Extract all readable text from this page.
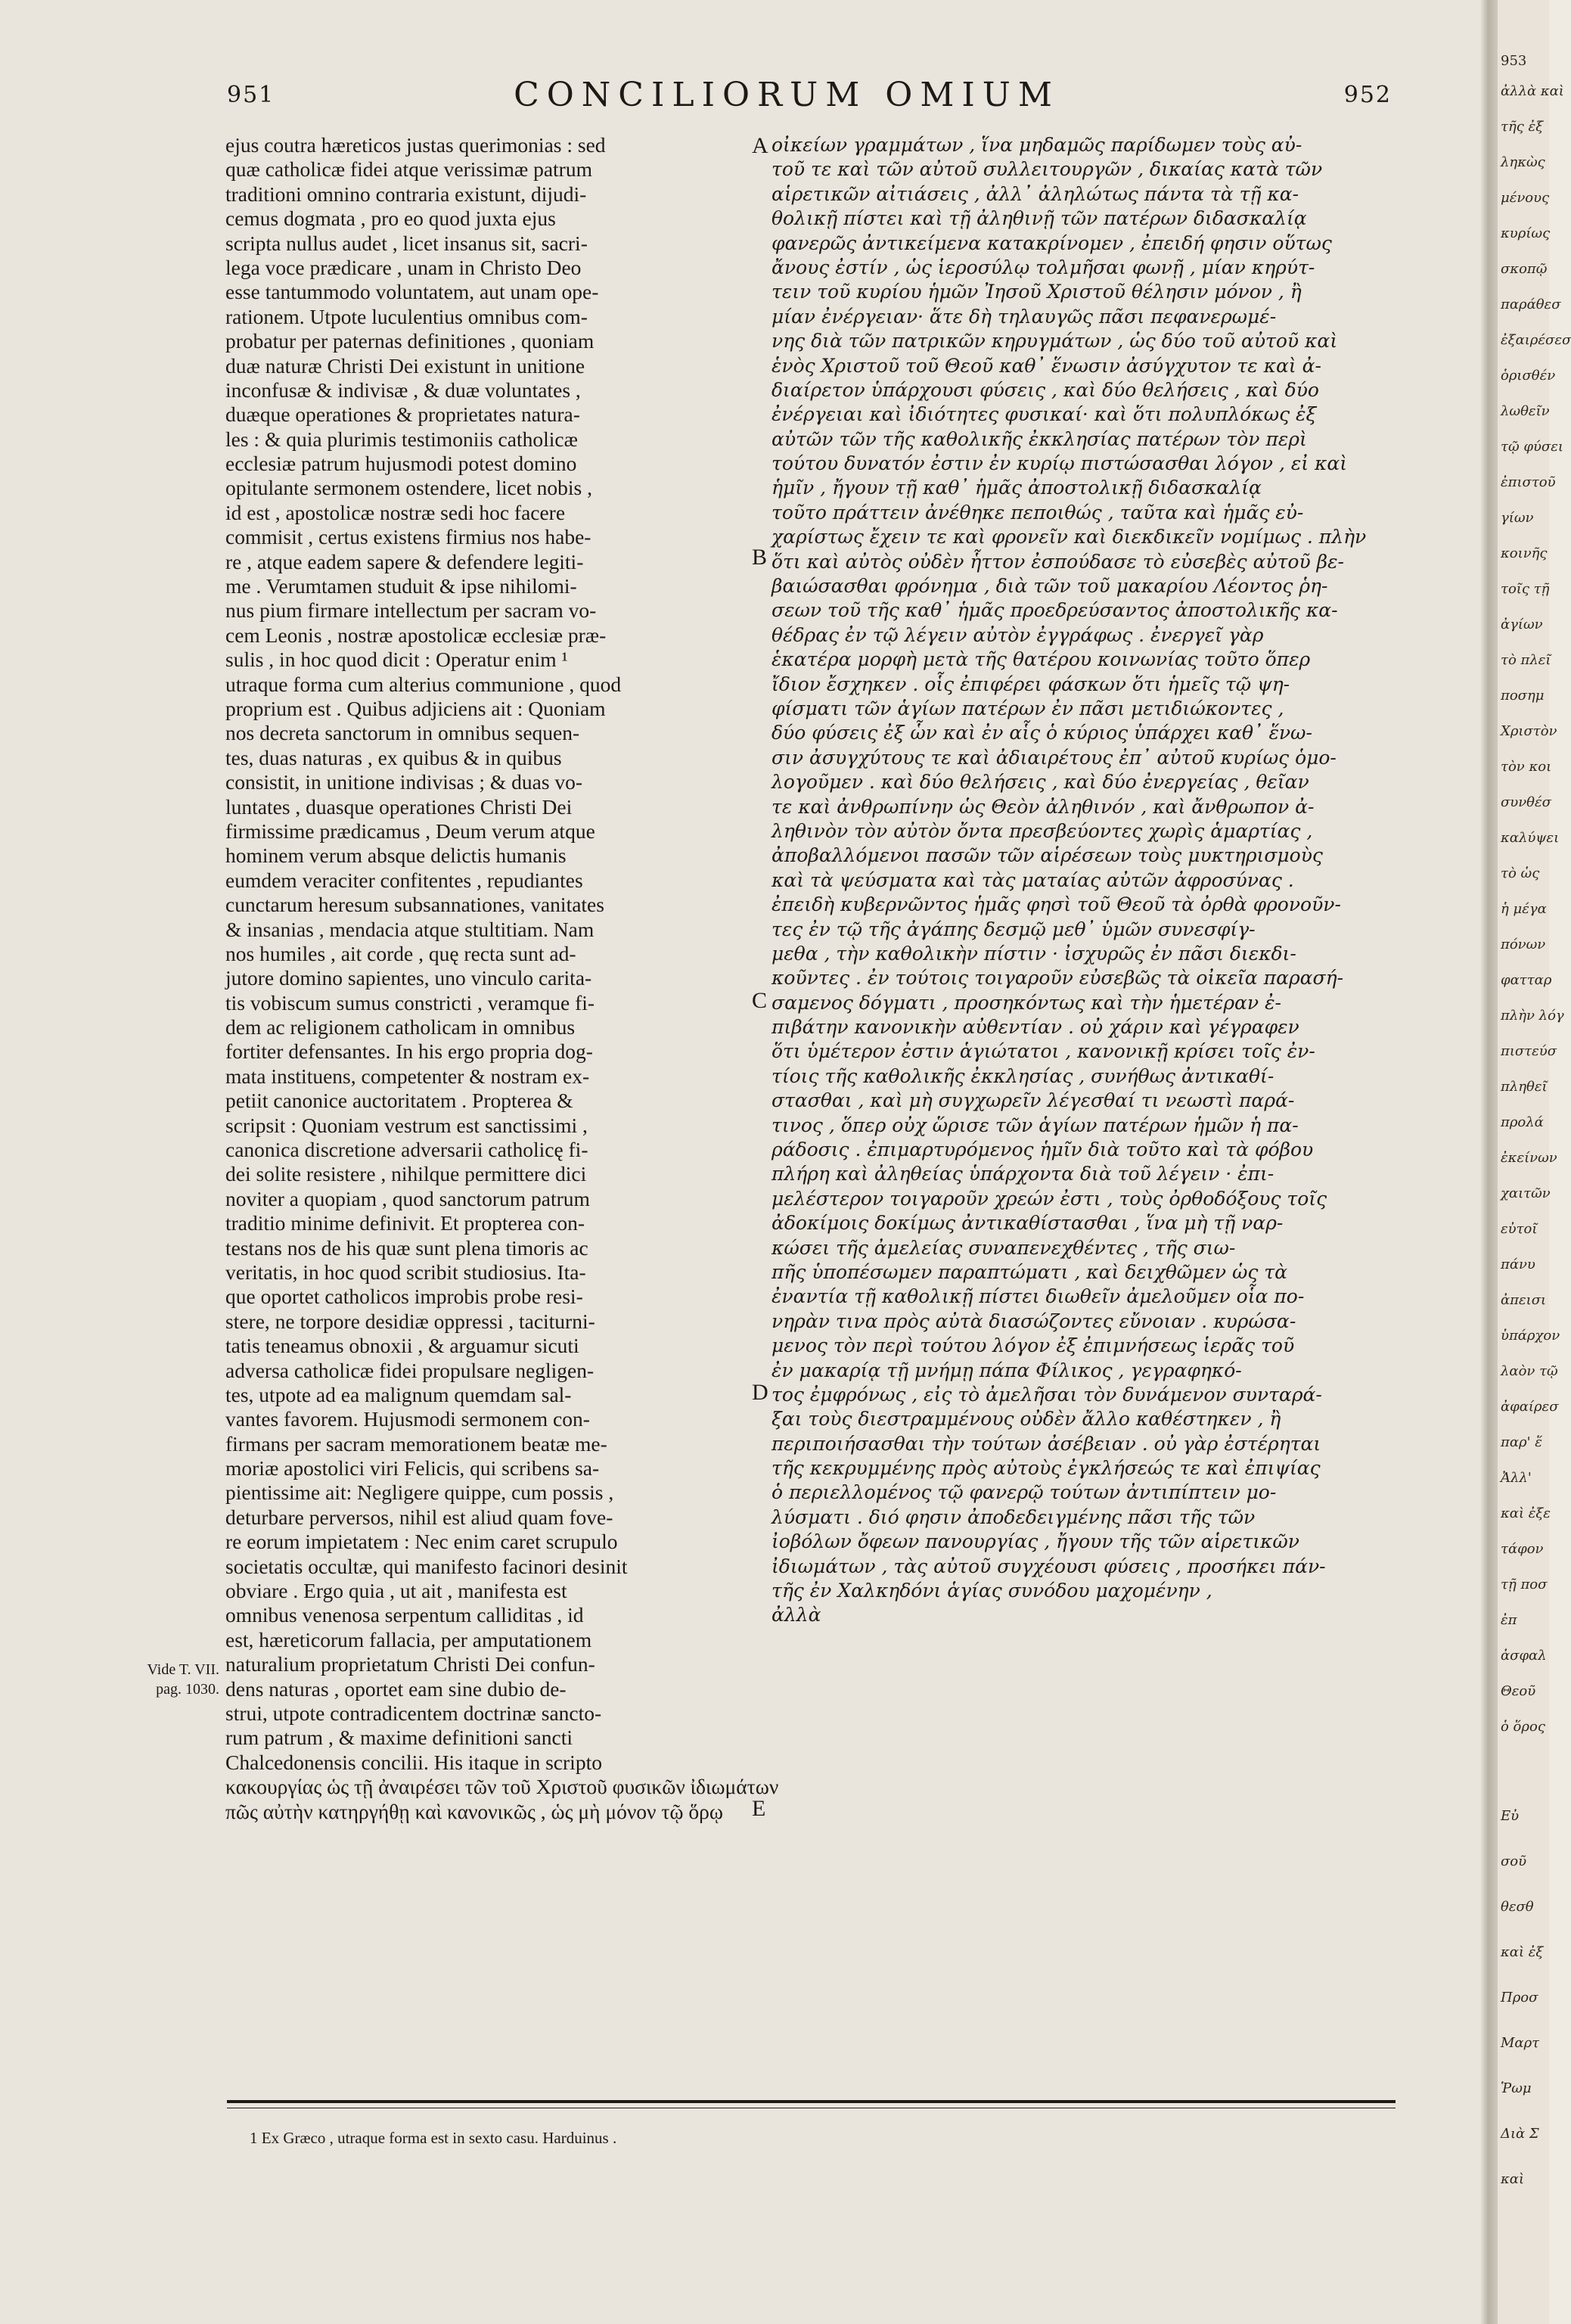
951	CONCILIORUM OMIUM	952
ejus coutra hæreticos justas querimonias : sed
quæ catholicæ fidei atque verissimæ patrum
traditioni omnino contraria existunt, dijudi-
cemus dogmata , pro eo quod juxta ejus
scripta nullus audet , licet insanus sit, sacri-
lega voce prædicare , unam in Christo Deo
esse tantummodo voluntatem, aut unam ope-
rationem. Utpote luculentius omnibus com-
probatur per paternas definitiones , quoniam
duæ naturæ Christi Dei existunt in unitione
inconfusæ & indivisæ , & duæ voluntates ,
duæque operationes & proprietates natura-
les : & quia plurimis testimoniis catholicæ
ecclesiæ patrum hujusmodi potest domino
opitulante sermonem ostendere, licet nobis ,
id est , apostolicæ nostræ sedi hoc facere
commisit , certus existens firmius nos habe-
re , atque eadem sapere & defendere legiti-
me . Verumtamen studuit & ipse nihilomi-
nus pium firmare intellectum per sacram vo-
cem Leonis , nostræ apostolicæ ecclesiæ præ-
sulis , in hoc quod dicit : Operatur enim ¹
utraque forma cum alterius communione , quod
proprium est . Quibus adjiciens ait : Quoniam
nos decreta sanctorum in omnibus sequen-
tes, duas naturas , ex quibus & in quibus
consistit, in unitione indivisas ; & duas vo-
luntates , duasque operationes Christi Dei
firmissime prædicamus , Deum verum atque
hominem verum absque delictis humanis
eumdem veraciter confitentes , repudiantes
cunctarum heresum subsannationes, vanitates
& insanias , mendacia atque stultitiam. Nam
nos humiles , ait corde , quę recta sunt ad-
jutore domino sapientes, uno vinculo carita-
tis vobiscum sumus constricti , veramque fi-
dem ac religionem catholicam in omnibus
fortiter defensantes. In his ergo propria dog-
mata instituens, competenter & nostram ex-
petiit canonice auctoritatem . Propterea &
scripsit : Quoniam vestrum est sanctissimi ,
canonica discretione adversarii catholicę fi-
dei solite resistere , nihilque permittere dici
noviter a quopiam , quod sanctorum patrum
traditio minime definivit. Et propterea con-
testans nos de his quæ sunt plena timoris ac
veritatis, in hoc quod scribit studiosius. Ita-
que oportet catholicos improbis probe resi-
stere, ne torpore desidiæ oppressi , taciturni-
tatis teneamus obnoxii , & arguamur sicuti
adversa catholicæ fidei propulsare negligen-
tes, utpote ad ea malignum quemdam sal-
vantes favorem. Hujusmodi sermonem con-
firmans per sacram memorationem beatæ me-
moriæ apostolici viri Felicis, qui scribens sa-
pientissime ait: Negligere quippe, cum possis ,
deturbare perversos, nihil est aliud quam fove-
re eorum impietatem : Nec enim caret scrupulo
societatis occultæ, qui manifesto facinori desinit
obviare . Ergo quia , ut ait , manifesta est
omnibus venenosa serpentum calliditas , id
est, hæreticorum fallacia, per amputationem
naturalium proprietatum Christi Dei confun-
dens naturas , oportet eam sine dubio de-
strui, utpote contradicentem doctrinæ sancto-
rum patrum , & maxime definitioni sancti
Chalcedonensis concilii. His itaque in scripto
κακουργίας ὡς τῇ ἀναιρέσει τῶν τοῦ Χριστοῦ φυσικῶν ἰδιωμάτων
πῶς αὐτὴν κατηργήθῃ καὶ κανονικῶς , ὡς μὴ μόνον τῷ ὅρῳ
οἰκείων γραμμάτων , ἵνα μηδαμῶς παρίδωμεν τοὺς αὐ-
τοῦ τε καὶ τῶν αὐτοῦ συλλειτουργῶν , δικαίας κατὰ τῶν
αἱρετικῶν αἰτιάσεις , ἀλλ᾽ ἀληλώτως πάντα τὰ τῇ κα-
θολικῇ πίστει καὶ τῇ ἀληθινῇ τῶν πατέρων διδασκαλίᾳ
φανερῶς ἀντικείμενα κατακρίνομεν , ἐπειδή φησιν οὕτως
ἄνους ἐστίν , ὡς ἱεροσύλῳ τολμῆσαι φωνῇ , μίαν κηρύτ-
τειν τοῦ κυρίου ἡμῶν Ἰησοῦ Χριστοῦ θέλησιν μόνον , ἢ
μίαν ἐνέργειαν· ἅτε δὴ τηλαυγῶς πᾶσι πεφανερωμέ-
νης διὰ τῶν πατρικῶν κηρυγμάτων , ὡς δύο τοῦ αὐτοῦ καὶ
ἑνὸς Χριστοῦ τοῦ Θεοῦ καθ᾽ ἕνωσιν ἀσύγχυτον τε καὶ ἀ-
διαίρετον ὑπάρχουσι φύσεις , καὶ δύο θελήσεις , καὶ δύο
ἐνέργειαι καὶ ἰδιότητες φυσικαί· καὶ ὅτι πολυπλόκως ἐξ
αὐτῶν τῶν τῆς καθολικῆς ἐκκλησίας πατέρων τὸν περὶ
τούτου δυνατόν ἐστιν ἐν κυρίῳ πιστώσασθαι λόγον , εἰ καὶ
ἡμῖν , ἤγουν τῇ καθ᾽ ἡμᾶς ἀποστολικῇ διδασκαλίᾳ
τοῦτο πράττειν ἀνέθηκε πεποιθώς , ταῦτα καὶ ἡμᾶς εὐ-
χαρίστως ἔχειν τε καὶ φρονεῖν καὶ διεκδικεῖν νομίμως . πλὴν
ὅτι καὶ αὐτὸς οὐδὲν ἧττον ἐσπούδασε τὸ εὐσεβὲς αὐτοῦ βε-
βαιώσασθαι φρόνημα , διὰ τῶν τοῦ μακαρίου Λέοντος ῥη-
σεων τοῦ τῆς καθ᾽ ἡμᾶς προεδρεύσαντος ἀποστολικῆς κα-
θέδρας ἐν τῷ λέγειν αὐτὸν ἐγγράφως . ἐνεργεῖ γὰρ
ἑκατέρα μορφὴ μετὰ τῆς θατέρου κοινωνίας τοῦτο ὅπερ
ἴδιον ἔσχηκεν . οἷς ἐπιφέρει φάσκων ὅτι ἡμεῖς τῷ ψη-
φίσματι τῶν ἁγίων πατέρων ἐν πᾶσι μετιδιώκοντες ,
δύο φύσεις ἐξ ὧν καὶ ἐν αἷς ὁ κύριος ὑπάρχει καθ᾽ ἕνω-
σιν ἀσυγχύτους τε καὶ ἀδιαιρέτους ἐπ᾽ αὐτοῦ κυρίως ὁμο-
λογοῦμεν . καὶ δύο θελήσεις , καὶ δύο ἐνεργείας , θεῖαν
τε καὶ ἀνθρωπίνην ὡς Θεὸν ἀληθινόν , καὶ ἄνθρωπον ἀ-
ληθινὸν τὸν αὐτὸν ὄντα πρεσβεύοντες χωρὶς ἁμαρτίας ,
ἀποβαλλόμενοι πασῶν τῶν αἱρέσεων τοὺς μυκτηρισμοὺς
καὶ τὰ ψεύσματα καὶ τὰς ματαίας αὐτῶν ἀφροσύνας .
ἐπειδὴ κυβερνῶντος ἡμᾶς φησὶ τοῦ Θεοῦ τὰ ὀρθὰ φρονοῦν-
τες ἐν τῷ τῆς ἀγάπης δεσμῷ μεθ᾽ ὑμῶν συνεσφίγ-
μεθα , τὴν καθολικὴν πίστιν · ἰσχυρῶς ἐν πᾶσι διεκδι-
κοῦντες . ἐν τούτοις τοιγαροῦν εὐσεβῶς τὰ οἰκεῖα παρασή-
σαμενος δόγματι , προσηκόντως καὶ τὴν ἡμετέραν ἐ-
πιβάτην κανονικὴν αὐθεντίαν . οὐ χάριν καὶ γέγραφεν
ὅτι ὑμέτερον ἐστιν ἁγιώτατοι , κανονικῇ κρίσει τοῖς ἐν-
τίοις τῆς καθολικῆς ἐκκλησίας , συνήθως ἀντικαθί-
στασθαι , καὶ μὴ συγχωρεῖν λέγεσθαί τι νεωστὶ παρά-
τινος , ὅπερ οὐχ ὥρισε τῶν ἁγίων πατέρων ἡμῶν ἡ πα-
ράδοσις . ἐπιμαρτυρόμενος ἡμῖν διὰ τοῦτο καὶ τὰ φόβου
πλήρη καὶ ἀληθείας ὑπάρχοντα διὰ τοῦ λέγειν · ἐπι-
μελέστερον τοιγαροῦν χρεών ἐστι , τοὺς ὀρθοδόξους τοῖς
ἀδοκίμοις δοκίμως ἀντικαθίστασθαι , ἵνα μὴ τῇ ναρ-
κώσει τῆς ἀμελείας συναπενεχθέντες , τῆς σιω-
πῆς ὑποπέσωμεν παραπτώματι , καὶ δειχθῶμεν ὡς τὰ
ἐναντία τῇ καθολικῇ πίστει διωθεῖν ἀμελοῦμεν οἷα πο-
νηρὰν τινα πρὸς αὐτὰ διασώζοντες εὔνοιαν . κυρώσα-
μενος τὸν περὶ τούτου λόγον ἐξ ἐπιμνήσεως ἱερᾶς τοῦ
ἐν μακαρίᾳ τῇ μνήμῃ πάπα Φίλικος , γεγραφηκό-
τος ἐμφρόνως , εἰς τὸ ἀμελῆσαι τὸν δυνάμενον συνταρά-
ξαι τοὺς διεστραμμένους οὐδὲν ἄλλο καθέστηκεν , ἢ
περιποιήσασθαι τὴν τούτων ἀσέβειαν . οὐ γὰρ ἐστέρηται
τῆς κεκρυμμένης πρὸς αὐτοὺς ἐγκλήσεώς τε καὶ ἐπιψίας
ὁ περιελλομένος τῷ φανερῷ τούτων ἀντιπίπτειν μο-
λύσματι . διό φησιν ἀποδεδειγμένης πᾶσι τῆς τῶν
ἰοβόλων ὄφεων πανουργίας , ἤγουν τῆς τῶν αἱρετικῶν
ἰδιωμάτων , τὰς αὐτοῦ συγχέουσι φύσεις , προσήκει πάν-
τῆς ἐν Χαλκηδόνι ἁγίας συνόδου μαχομένην ,
ἀλλὰ
A
B
C
D
E
Vide T. VII.
pag. 1030.
1 Ex Græco , utraque forma est in sexto casu. Harduinus .
953
ἀλλὰ καὶ
τῆς ἐξ
ληκὼς
μένους
κυρίως
σκοπῷ
παράθεσ
ἐξαιρέσεσ
ὁρισθέν
λωθεῖν
τῷ φύσει
ἐπιστοῦ
γίων
κοινῆς
τοῖς τῇ
ἀγίων
τὸ πλεῖ
ποσημ
Χριστὸν
τὸν κοι
συνθέσ
καλύψει
τὸ ὡς
ἡ μέγα
πόνων
φατταρ
πλὴν λόγ
πιστεύσ
πληθεῖ
προλά
ἐκείνων
χαιτῶν
εὐτοῖ
πάνυ
ἀπεισι
ὑπάρχον
λαὸν τῷ
ἀφαίρεσ
παρ' ἕ
Ἀλλ'
καὶ ἐξε
τάφον
τῇ ποσ
ἐπ
ἀσφαλ
Θεοῦ
ὁ ὅρος
Εὐ
σοῦ
θεσθ
καὶ ἐξ
Προσ
Μαρτ
Ῥωμ
Διὰ Σ
καὶ
